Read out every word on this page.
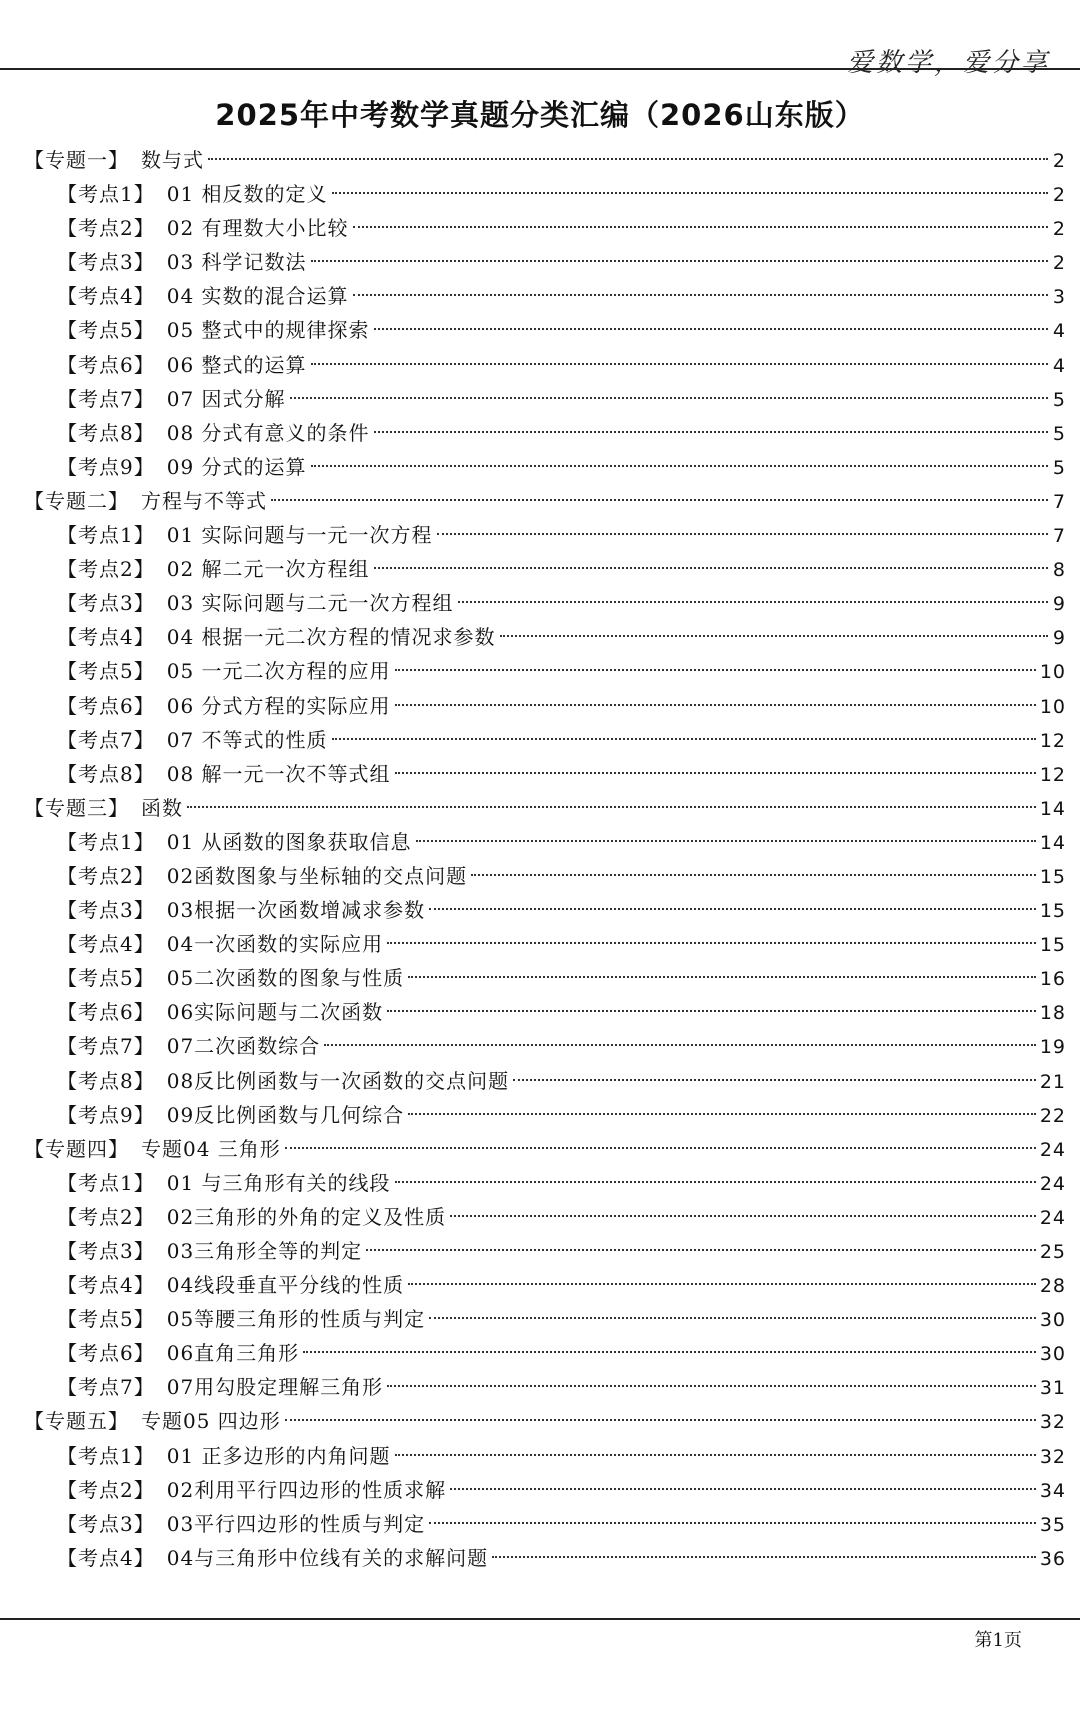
爱数学，爱分享
2025年中考数学真题分类汇编（2026山东版）
【专题一】 数与式	2
【考点1】 01 相反数的定义	2
【考点2】 02 有理数大小比较	2
【考点3】 03 科学记数法	2
【考点4】 04 实数的混合运算	3
【考点5】 05 整式中的规律探索	4
【考点6】 06 整式的运算	4
【考点7】 07 因式分解	5
【考点8】 08 分式有意义的条件	5
【考点9】 09 分式的运算	5
【专题二】 方程与不等式	7
【考点1】 01 实际问题与一元一次方程	7
【考点2】 02 解二元一次方程组	8
【考点3】 03 实际问题与二元一次方程组	9
【考点4】 04 根据一元二次方程的情况求参数	9
【考点5】 05 一元二次方程的应用	10
【考点6】 06 分式方程的实际应用	10
【考点7】 07 不等式的性质	12
【考点8】 08 解一元一次不等式组	12
【专题三】 函数	14
【考点1】 01 从函数的图象获取信息	14
【考点2】 02函数图象与坐标轴的交点问题	15
【考点3】 03根据一次函数增减求参数	15
【考点4】 04一次函数的实际应用	15
【考点5】 05二次函数的图象与性质	16
【考点6】 06实际问题与二次函数	18
【考点7】 07二次函数综合	19
【考点8】 08反比例函数与一次函数的交点问题	21
【考点9】 09反比例函数与几何综合	22
【专题四】 专题04 三角形	24
【考点1】 01 与三角形有关的线段	24
【考点2】 02三角形的外角的定义及性质	24
【考点3】 03三角形全等的判定	25
【考点4】 04线段垂直平分线的性质	28
【考点5】 05等腰三角形的性质与判定	30
【考点6】 06直角三角形	30
【考点7】 07用勾股定理解三角形	31
【专题五】 专题05 四边形	32
【考点1】 01 正多边形的内角问题	32
【考点2】 02利用平行四边形的性质求解	34
【考点3】 03平行四边形的性质与判定	35
【考点4】 04与三角形中位线有关的求解问题	36
第1页
